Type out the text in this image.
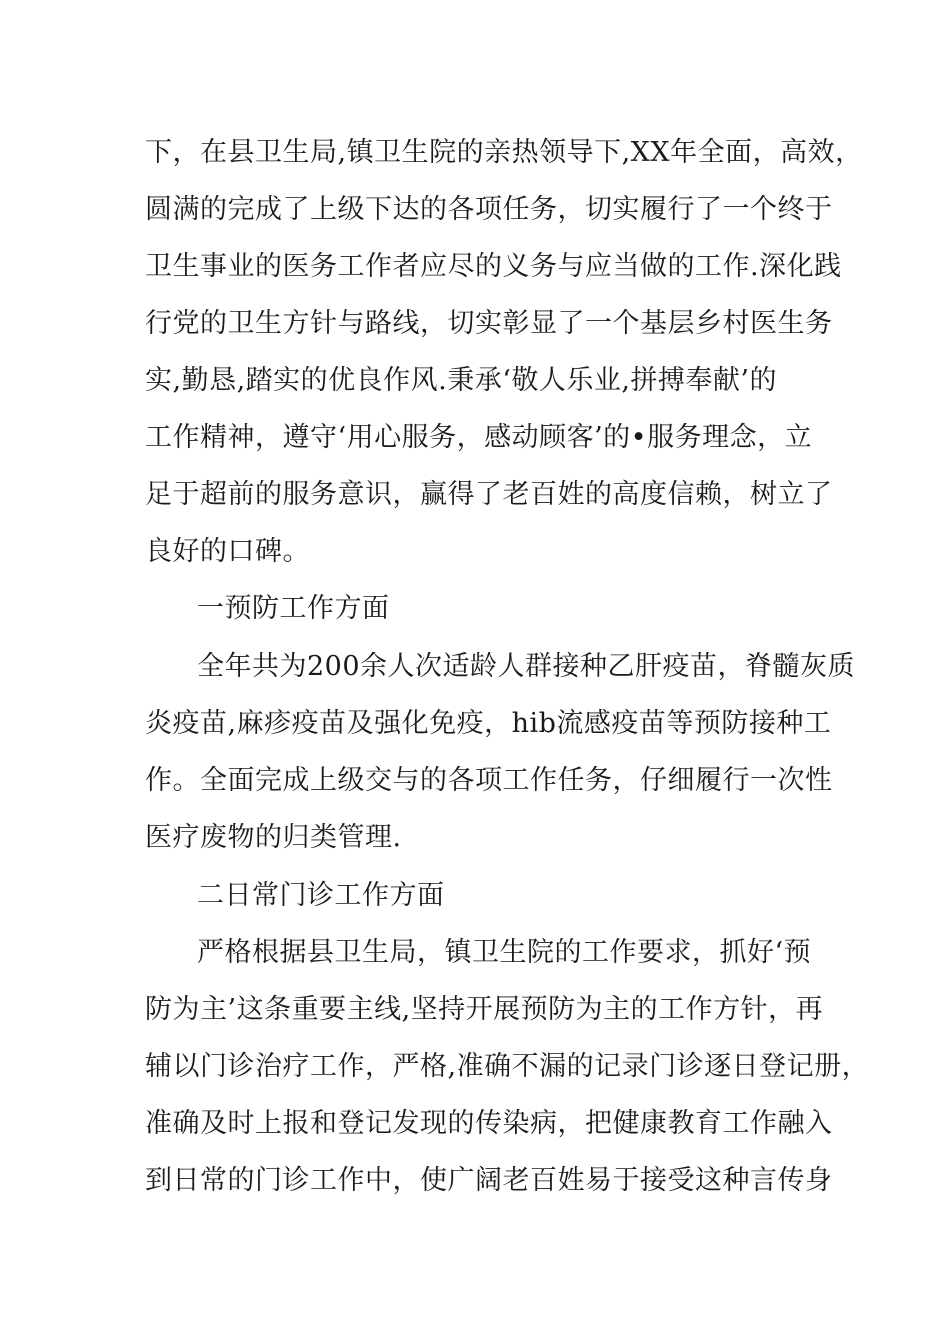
下，在县卫生局,镇卫生院的亲热领导下,XX年全面，高效，
圆满的完成了上级下达的各项任务，切实履行了一个终于
卫生事业的医务工作者应尽的义务与应当做的工作.深化践
行党的卫生方针与路线，切实彰显了一个基层乡村医生务
实,勤恳,踏实的优良作风.秉承‘敬人乐业,拼搏奉献’的
工作精神，遵守‘用心服务，感动顾客’的•服务理念，立
足于超前的服务意识，赢得了老百姓的高度信赖，树立了
良好的口碑。
一预防工作方面
全年共为200余人次适龄人群接种乙肝疫苗，脊髓灰质
炎疫苗,麻疹疫苗及强化免疫，hib流感疫苗等预防接种工
作。全面完成上级交与的各项工作任务，仔细履行一次性
医疗废物的归类管理.
二日常门诊工作方面
严格根据县卫生局，镇卫生院的工作要求，抓好‘预
防为主’这条重要主线,坚持开展预防为主的工作方针，再
辅以门诊治疗工作，严格,准确不漏的记录门诊逐日登记册，
准确及时上报和登记发现的传染病，把健康教育工作融入
到日常的门诊工作中，使广阔老百姓易于接受这种言传身
